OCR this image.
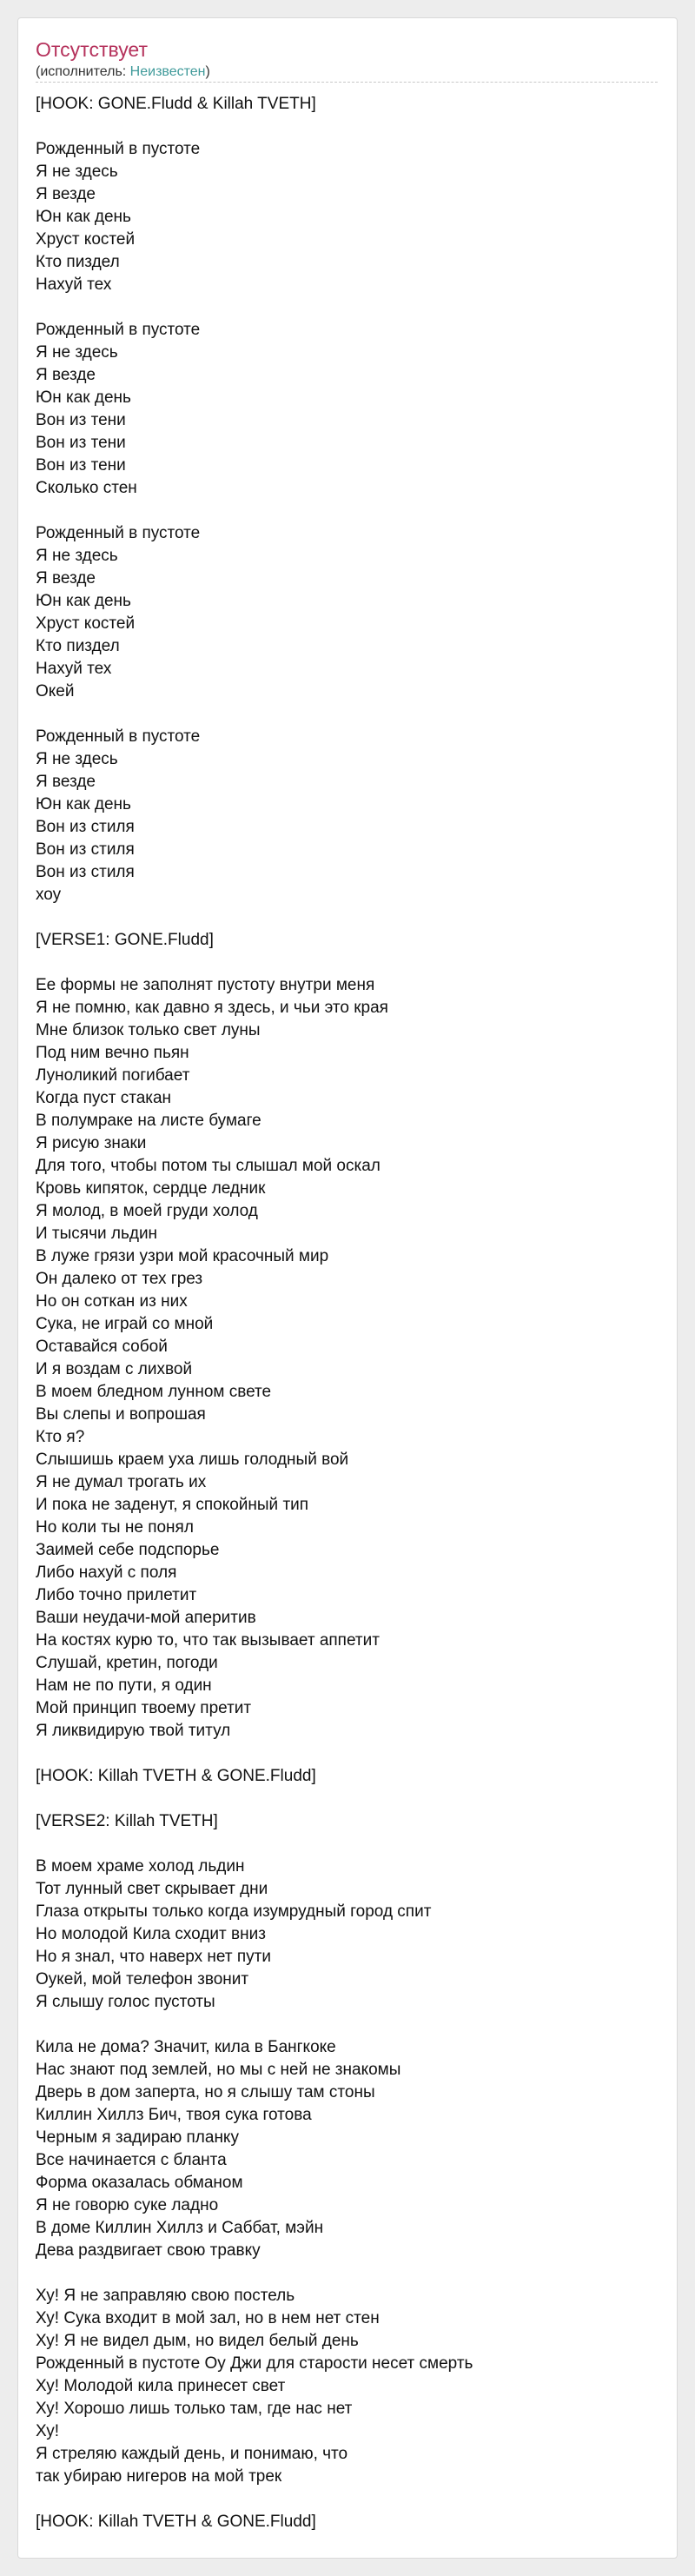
Отсутствует
(исполнитель: Неизвестен)
[HOOK: GONE.Fludd & Killah TVETH]
Рожденный в пустоте
Я не здесь
Я везде
Юн как день
Хруст костей
Кто пиздел
Нахуй тех
Рожденный в пустоте
Я не здесь
Я везде
Юн как день
Вон из тени
Вон из тени
Вон из тени
Сколько стен
Рожденный в пустоте
Я не здесь
Я везде
Юн как день
Хруст костей
Кто пиздел
Нахуй тех
Окей
Рожденный в пустоте
Я не здесь
Я везде
Юн как день
Вон из стиля
Вон из стиля
Вон из стиля
хоу
[VERSE1: GONE.Fludd]
Ее формы не заполнят пустоту внутри меня
Я не помню, как давно я здесь, и чьи это края
Мне близок только свет луны
Под ним вечно пьян
Луноликий погибает
Когда пуст стакан
В полумраке на листе бумаге
Я рисую знаки
Для того, чтобы потом ты слышал мой оскал
Кровь кипяток, сердце ледник
Я молод, в моей груди холод
И тысячи льдин
В луже грязи узри мой красочный мир
Он далеко от тех грез
Но он соткан из них
Сука, не играй со мной
Оставайся собой
И я воздам с лихвой
В моем бледном лунном свете
Вы слепы и вопрошая
Кто я?
Слышишь краем уха лишь голодный вой
Я не думал трогать их
И пока не заденут, я спокойный тип
Но коли ты не понял
Заимей себе подспорье
Либо нахуй с поля
Либо точно прилетит
Ваши неудачи-мой аперитив
На костях курю то, что так вызывает аппетит
Слушай, кретин, погоди
Нам не по пути, я один
Мой принцип твоему претит
Я ликвидирую твой титул
[HOOK: Killah TVETH & GONE.Fludd]
[VERSE2: Killah TVETH]
В моем храме холод льдин
Тот лунный свет скрывает дни
Глаза открыты только когда изумрудный город спит
Но молодой Кила сходит вниз
Но я знал, что наверх нет пути
Оукей, мой телефон звонит
Я слышу голос пустоты
Кила не дома? Значит, кила в Бангкоке
Нас знают под землей, но мы с ней не знакомы
Дверь в дом заперта, но я слышу там стоны
Киллин Хиллз Бич, твоя сука готова
Черным я задираю планку
Все начинается с бланта
Форма оказалась обманом
Я не говорю суке ладно
В доме Киллин Хиллз и Саббат, мэйн
Дева раздвигает свою травку
Ху! Я не заправляю свою постель
Ху! Сука входит в мой зал, но в нем нет стен
Ху! Я не видел дым, но видел белый день
Рожденный в пустоте Оу Джи для старости несет смерть
Ху! Молодой кила принесет свет
Ху! Хорошо лишь только там, где нас нет
Ху!
Я стреляю каждый день, и понимаю, что
так убираю нигеров на мой трек
[HOOK: Killah TVETH & GONE.Fludd]
